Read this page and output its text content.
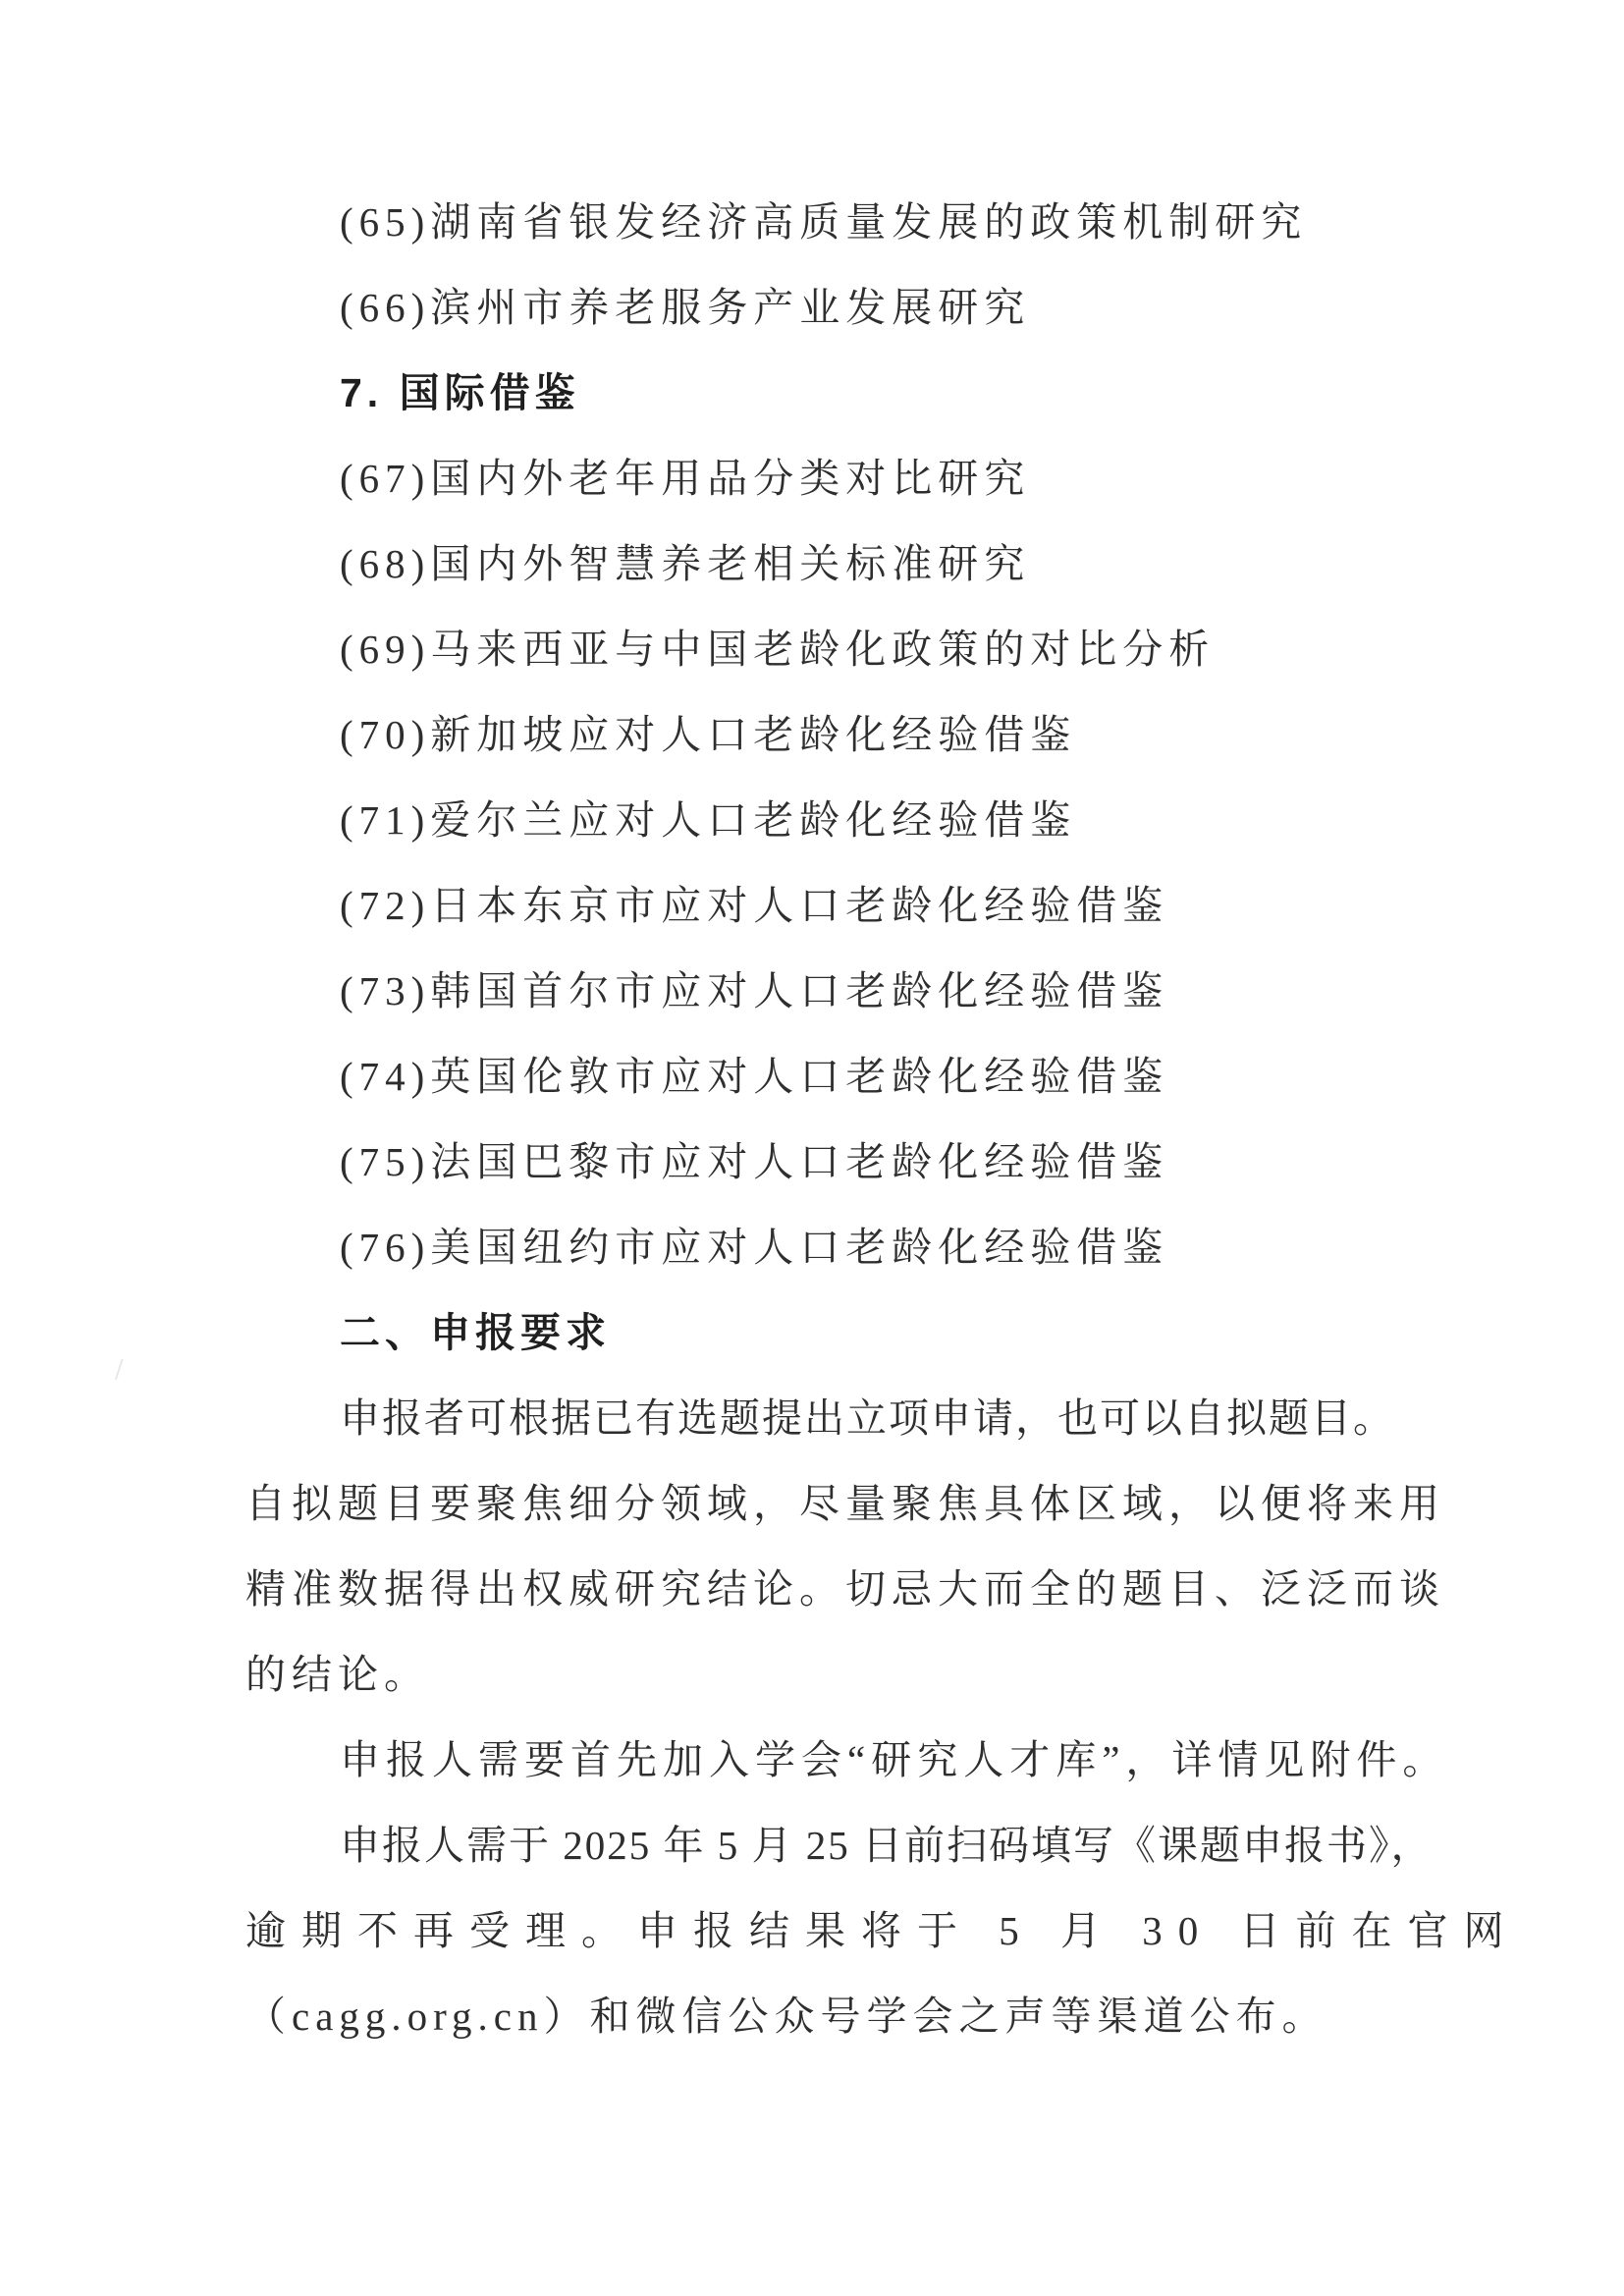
(65)湖南省银发经济高质量发展的政策机制研究
(66)滨州市养老服务产业发展研究
7. 国际借鉴
(67)国内外老年用品分类对比研究
(68)国内外智慧养老相关标准研究
(69)马来西亚与中国老龄化政策的对比分析
(70)新加坡应对人口老龄化经验借鉴
(71)爱尔兰应对人口老龄化经验借鉴
(72)日本东京市应对人口老龄化经验借鉴
(73)韩国首尔市应对人口老龄化经验借鉴
(74)英国伦敦市应对人口老龄化经验借鉴
(75)法国巴黎市应对人口老龄化经验借鉴
(76)美国纽约市应对人口老龄化经验借鉴
二、申报要求
申报者可根据已有选题提出立项申请，也可以自拟题目。
自拟题目要聚焦细分领域，尽量聚焦具体区域，以便将来用
精准数据得出权威研究结论。切忌大而全的题目、泛泛而谈
的结论。
申报人需要首先加入学会“研究人才库”，详情见附件。
申报人需于 2025 年 5 月 25 日前扫码填写《课题申报书》，
逾期不再受理。申报结果将于 5 月 30 日前在官网
（cagg.org.cn）和微信公众号学会之声等渠道公布。
